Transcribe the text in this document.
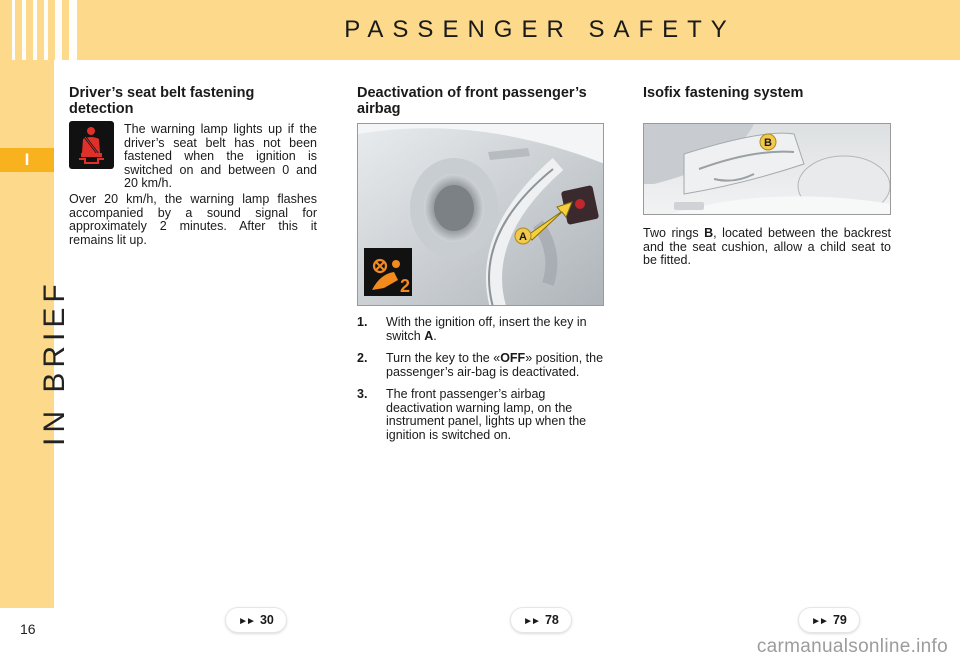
PASSENGER SAFETY
I
IN BRIEF
16
Driver’s seat belt fastening detection

The warning lamp lights up if the driver’s seat belt has not been fastened when the ignition is switched on and between 0 and 20 km/h.

Over 20 km/h, the warning lamp flashes accompanied by a sound signal for approximately 2 minutes. After this it remains lit up.

Deactivation of front passenger’s airbag
2
A
1. With the ignition off, insert the key in switch A.
2. Turn the key to the «OFF» position, the passenger’s air-bag is deactivated.
3. The front passenger’s airbag deactivation warning lamp, on the instrument panel, lights up when the ignition is switched on.
Isofix fastening system
B

Two rings B, located between the backrest and the seat cushion, allow a child seat to be fitted.

►► 30	►► 78	►► 79
carmanualsonline.info
